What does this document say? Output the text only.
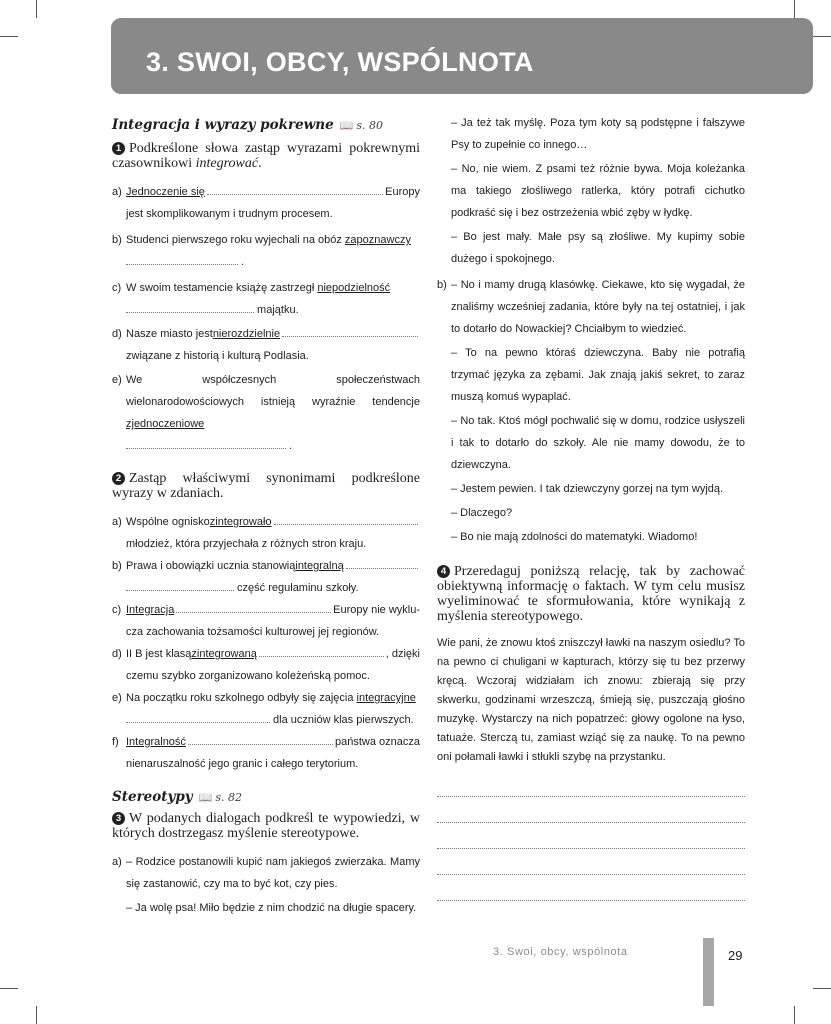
3. SWOI, OBCY, WSPÓLNOTA
Integracja i wyrazy pokrewne 📖 s. 80
1 Podkreślone słowa zastąp wyrazami pokrewnymi czasownikowi integrować.
a) Jednoczenie się	Europy
jest skomplikowanym i trudnym procesem.
b) Studenci pierwszego roku wyjechali na obóz zapoznawczy
.
c) W swoim testamencie książę zastrzegł niepodzielność
majątku.
d) Nasze miasto jest nierozdzielnie
związane z historią i kulturą Podlasia.
e) We współczesnych społeczeństwach wielonarodowościowych istnieją wyraźnie tendencje zjednoczeniowe
.
2 Zastąp właściwymi synonimami podkreślone wyrazy w zdaniach.
a) Wspólne ognisko zintegrowało
młodzież, która przyjechała z różnych stron kraju.
b) Prawa i obowiązki ucznia stanowią integralną
część regulaminu szkoły.
c) Integracja	Europy nie wyklu-
cza zachowania tożsamości kulturowej jej regionów.
d) II B jest klasą zintegrowaną	, dzięki
czemu szybko zorganizowano koleżeńską pomoc.
e) Na początku roku szkolnego odbyły się zajęcia integracyjne
dla uczniów klas pierwszych.
f) Integralność	państwa oznacza
nienaruszalność jego granic i całego terytorium.
Stereotypy 📖 s. 82
3 W podanych dialogach podkreśl te wypowiedzi, w których dostrzegasz myślenie stereotypowe.
a) – Rodzice postanowili kupić nam jakiegoś zwierzaka. Mamy się zastanowić, czy ma to być kot, czy pies.
– Ja wolę psa! Miło będzie z nim chodzić na długie spacery.
– Ja też tak myślę. Poza tym koty są podstępne i fałszywe Psy to zupełnie co innego…
– No, nie wiem. Z psami też różnie bywa. Moja koleżanka ma takiego złośliwego ratlerka, który potrafi cichutko podkraść się i bez ostrzeżenia wbić zęby w łydkę.
– Bo jest mały. Małe psy są złośliwe. My kupimy sobie dużego i spokojnego.
b) – No i mamy drugą klasówkę. Ciekawe, kto się wygadał, że znaliśmy wcześniej zadania, które były na tej ostatniej, i jak to dotarło do Nowackiej? Chciałbym to wiedzieć.
– To na pewno któraś dziewczyna. Baby nie potrafią trzymać języka za zębami. Jak znają jakiś sekret, to zaraz muszą komuś wypaplać.
– No tak. Ktoś mógł pochwalić się w domu, rodzice usłyszeli i tak to dotarło do szkoły. Ale nie mamy dowodu, że to dziewczyna.
– Jestem pewien. I tak dziewczyny gorzej na tym wyjdą.
– Dlaczego?
– Bo nie mają zdolności do matematyki. Wiadomo!
4 Przeredaguj poniższą relację, tak by zachować obiektywną informację o faktach. W tym celu musisz wyeliminować te sformułowania, które wynikają z myślenia stereotypowego.
Wie pani, że znowu ktoś zniszczył ławki na naszym osiedlu? To na pewno ci chuligani w kapturach, którzy się tu bez przerwy kręcą. Wczoraj widziałam ich znowu: zbierają się przy skwerku, godzinami wrzeszczą, śmieją się, puszczają głośno muzykę. Wystarczy na nich popatrzeć: głowy ogolone na łyso, tatuaże. Sterczą tu, zamiast wziąć się za naukę. To na pewno oni połamali ławki i stłukli szybę na przystanku.
3. Swoi, obcy, wspólnota	29
